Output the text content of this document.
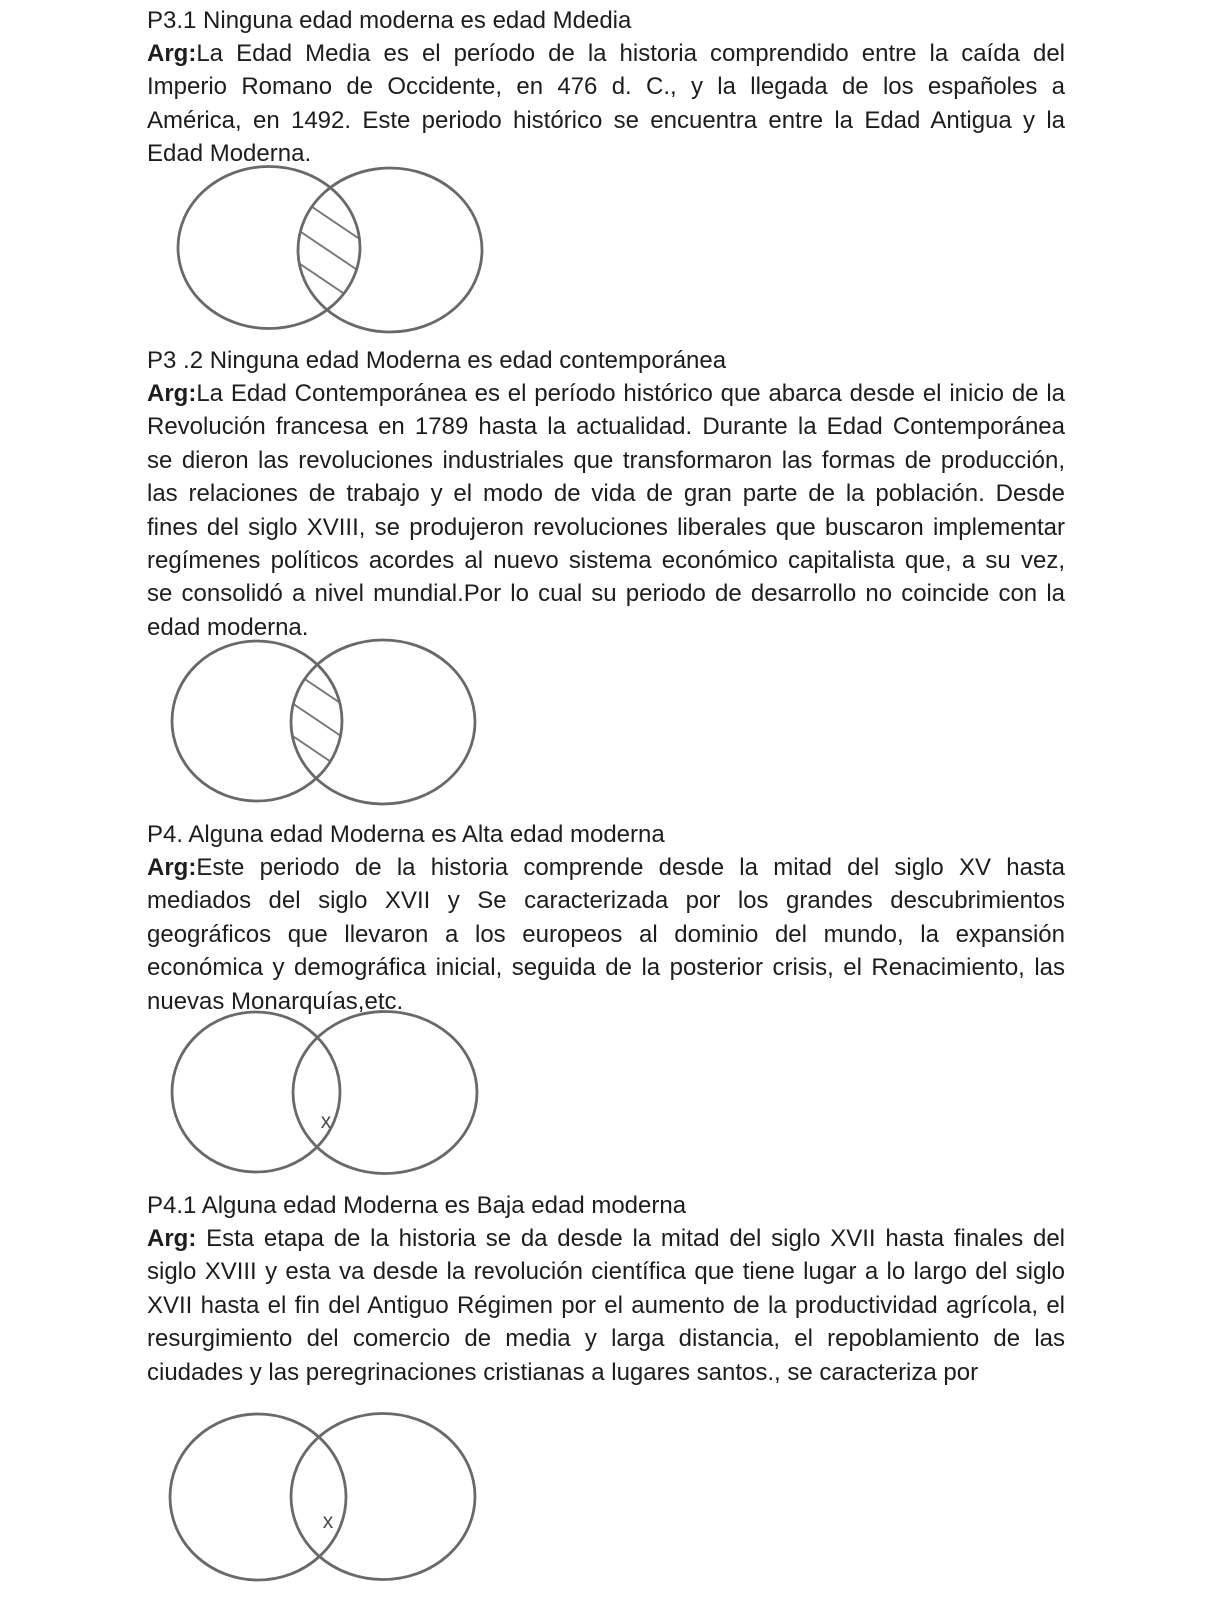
P3.1 Ninguna edad moderna es edad Mdedia
Arg:La Edad Media es el período de la historia comprendido entre la caída del
Imperio Romano de Occidente, en 476 d. C., y la llegada de los españoles a
América, en 1492. Este periodo histórico se encuentra entre la Edad Antigua y la
Edad Moderna.
P3 .2 Ninguna edad Moderna es edad contemporánea
Arg:La Edad Contemporánea es el período histórico que abarca desde el inicio de la
Revolución francesa en 1789 hasta la actualidad. Durante la Edad Contemporánea
se dieron las revoluciones industriales que transformaron las formas de producción,
las relaciones de trabajo y el modo de vida de gran parte de la población. Desde
fines del siglo XVIII, se produjeron revoluciones liberales que buscaron implementar
regímenes políticos acordes al nuevo sistema económico capitalista que, a su vez,
se consolidó a nivel mundial.Por lo cual su periodo de desarrollo no coincide con la
edad moderna.
P4. Alguna edad Moderna es Alta edad moderna
Arg:Este periodo de la historia comprende desde la mitad del siglo XV hasta
mediados del siglo XVII y Se caracterizada por los grandes descubrimientos
geográficos que llevaron a los europeos al dominio del mundo, la expansión
económica y demográfica inicial, seguida de la posterior crisis, el Renacimiento, las
nuevas Monarquías,etc.
x
P4.1 Alguna edad Moderna es Baja edad moderna
Arg: Esta etapa de la historia se da desde la mitad del siglo XVII hasta finales del
siglo XVIII y esta va desde la revolución científica que tiene lugar a lo largo del siglo
XVII hasta el fin del Antiguo Régimen por el aumento de la productividad agrícola, el
resurgimiento del comercio de media y larga distancia, el repoblamiento de las
ciudades y las peregrinaciones cristianas a lugares santos., se caracteriza por
x
